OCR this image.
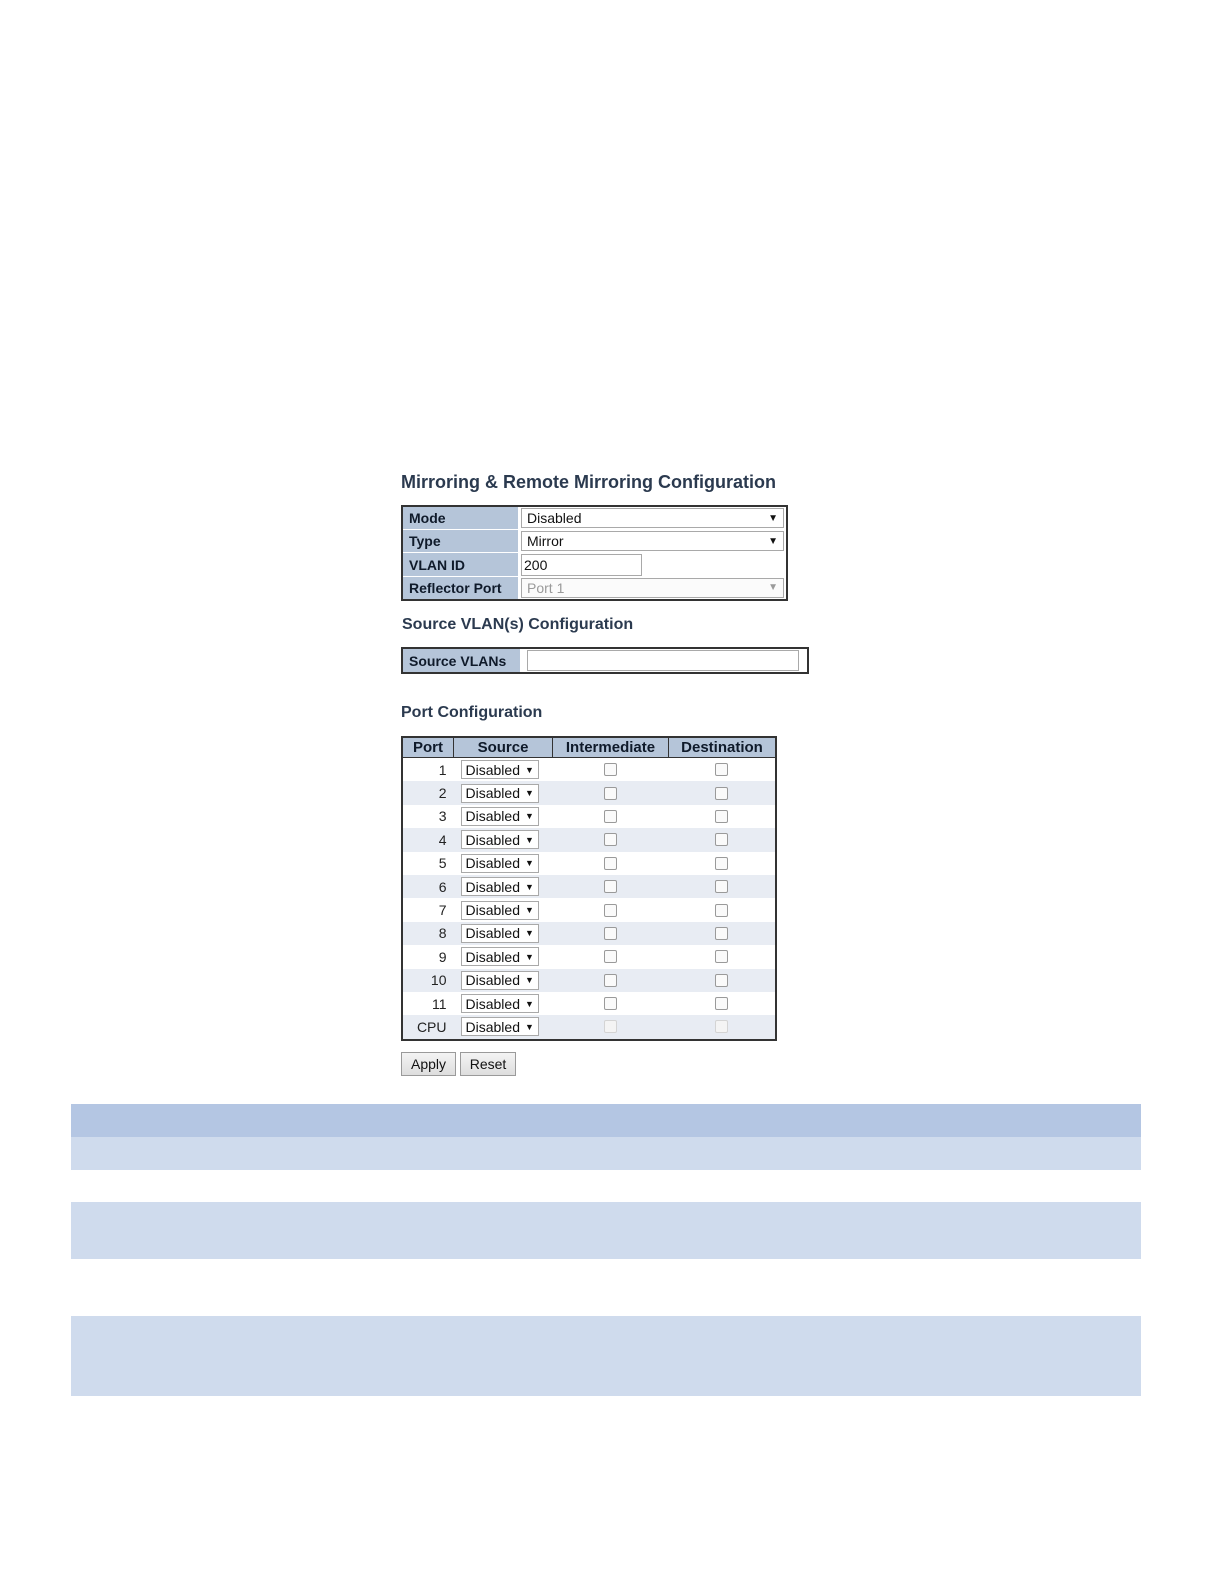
Mirroring & Remote Mirroring Configuration
Mode	Disabled ▼

Type	Mirror ▼

VLAN ID	200

Reflector Port	Port 1 ▼
Source VLAN(s) Configuration
Source VLANs	
Port Configuration
Port	Source	Intermediate	Destination
1	Disabled ▼		

2	Disabled ▼		

3	Disabled ▼		

4	Disabled ▼		

5	Disabled ▼		

6	Disabled ▼		

7	Disabled ▼		

8	Disabled ▼		

9	Disabled ▼		

10	Disabled ▼		

11	Disabled ▼		

CPU	Disabled ▼		

Apply	Reset
